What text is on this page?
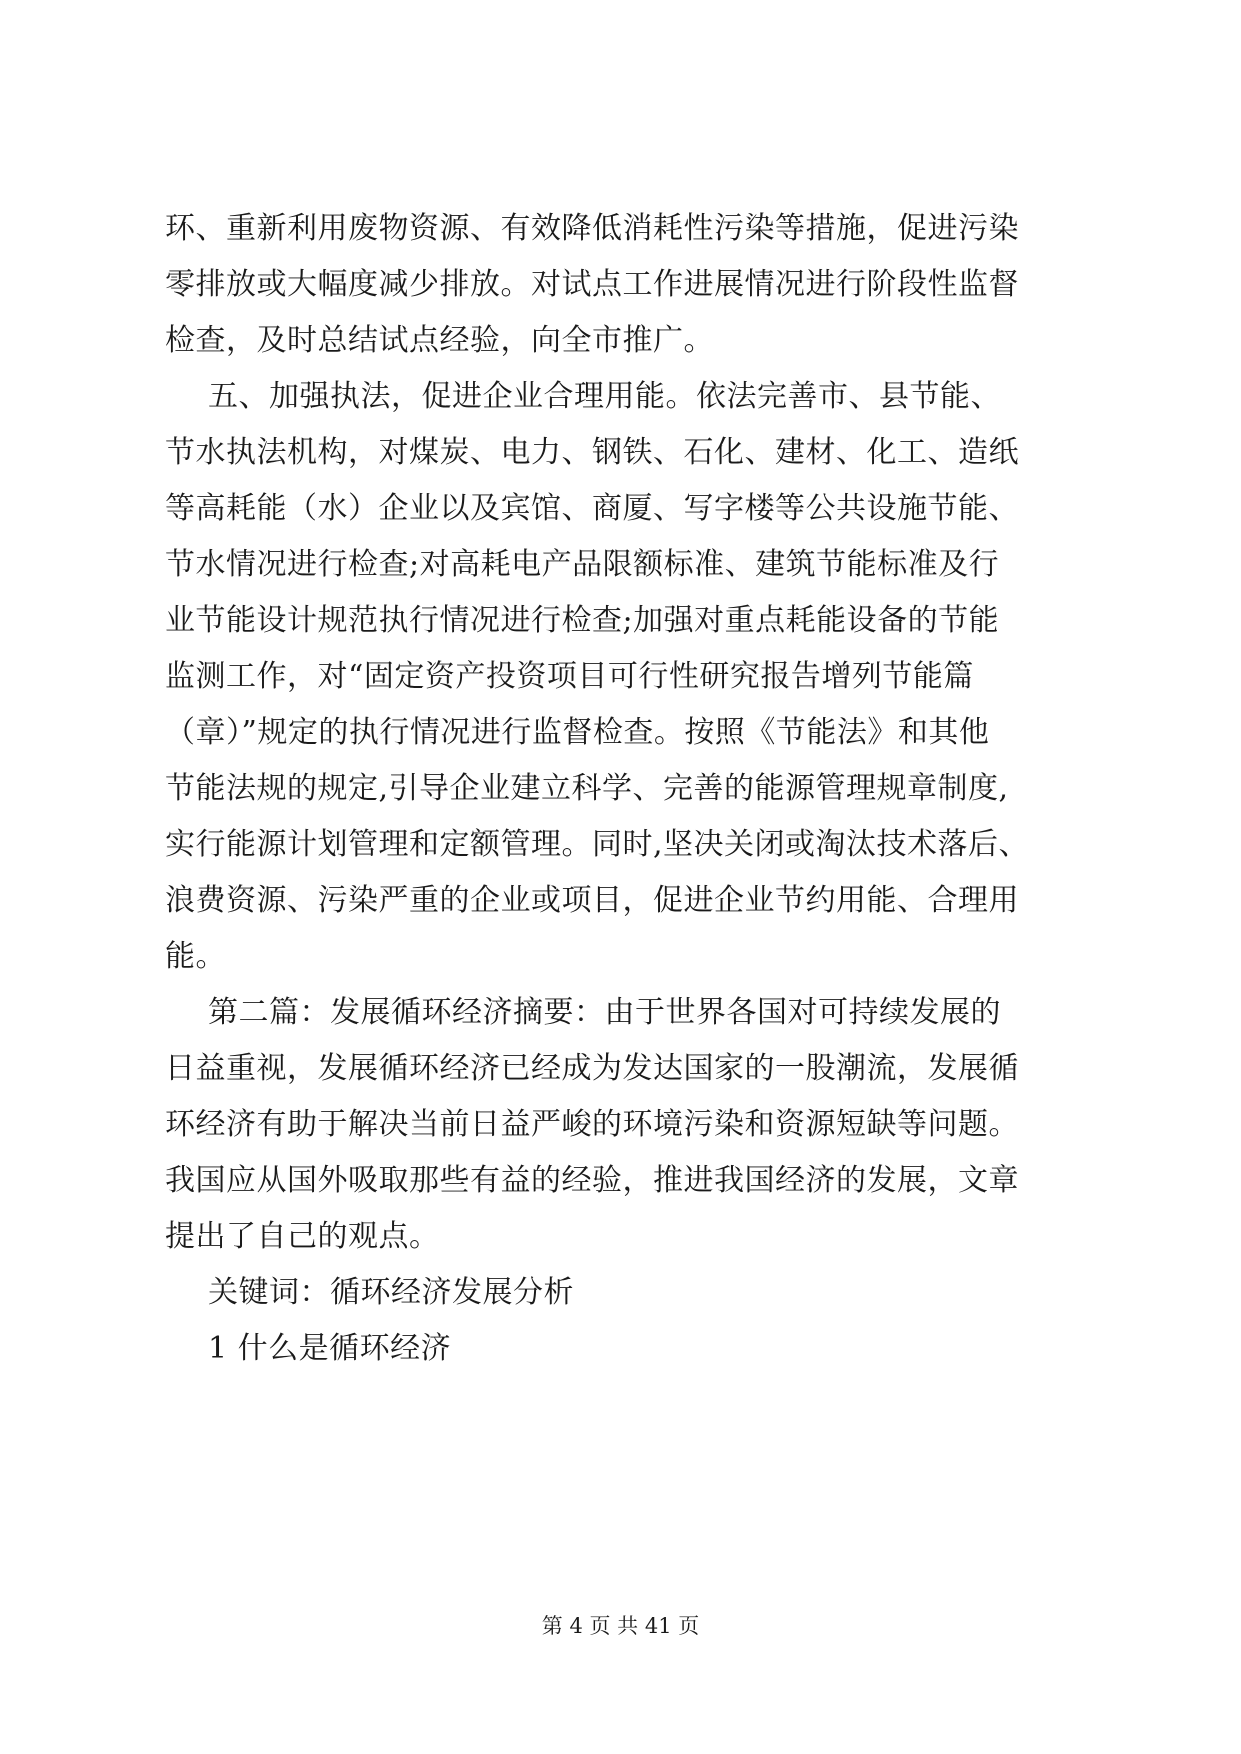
环、重新利用废物资源、有效降低消耗性污染等措施，促进污染
零排放或大幅度减少排放。对试点工作进展情况进行阶段性监督
检查，及时总结试点经验，向全市推广。
五、加强执法，促进企业合理用能。依法完善市、县节能、
节水执法机构，对煤炭、电力、钢铁、石化、建材、化工、造纸
等高耗能（水）企业以及宾馆、商厦、写字楼等公共设施节能、
节水情况进行检查;对高耗电产品限额标准、建筑节能标准及行
业节能设计规范执行情况进行检查;加强对重点耗能设备的节能
监测工作，对“固定资产投资项目可行性研究报告增列节能篇
（章）”规定的执行情况进行监督检查。按照《节能法》和其他
节能法规的规定,引导企业建立科学、完善的能源管理规章制度,
实行能源计划管理和定额管理。同时,坚决关闭或淘汰技术落后、
浪费资源、污染严重的企业或项目，促进企业节约用能、合理用
能。
第二篇：发展循环经济摘要：由于世界各国对可持续发展的
日益重视，发展循环经济已经成为发达国家的一股潮流，发展循
环经济有助于解决当前日益严峻的环境污染和资源短缺等问题。
我国应从国外吸取那些有益的经验，推进我国经济的发展，文章
提出了自己的观点。
关键词：循环经济发展分析
1 什么是循环经济
第 4 页 共 41 页
